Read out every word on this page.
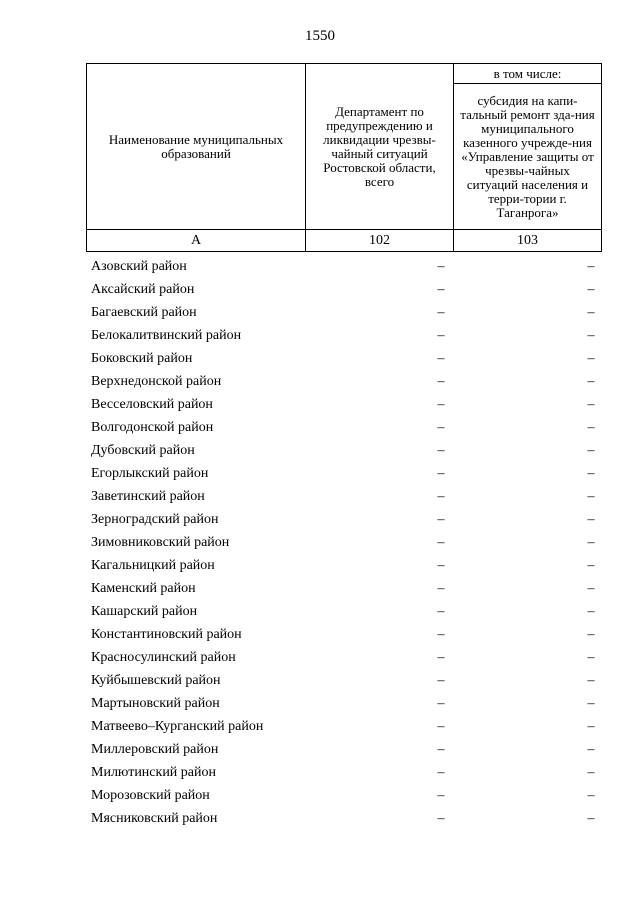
1550
Наименование муниципальных образований	Департамент по предупреждению и ликвидации чрезвы-чайный ситуаций Ростовской области, всего	в том числе:
		субсидия на капи-тальный ремонт зда-ния муниципального казенного учрежде-ния «Управление защиты от чрезвы-чайных ситуаций населения и терри-тории г. Таганрога»
А	102	103
Азовский район	–	–
Аксайский район	–	–
Багаевский район	–	–
Белокалитвинский район	–	–
Боковский район	–	–
Верхнедонской район	–	–
Весселовский район	–	–
Волгодонской район	–	–
Дубовский район	–	–
Егорлыкский район	–	–
Заветинский район	–	–
Зерноградский район	–	–
Зимовниковский район	–	–
Кагальницкий район	–	–
Каменский район	–	–
Кашарский район	–	–
Константиновский район	–	–
Красносулинский район	–	–
Куйбышевский район	–	–
Мартыновский район	–	–
Матвеево–Курганский район	–	–
Миллеровский район	–	–
Милютинский район	–	–
Морозовский район	–	–
Мясниковский район	–	–
